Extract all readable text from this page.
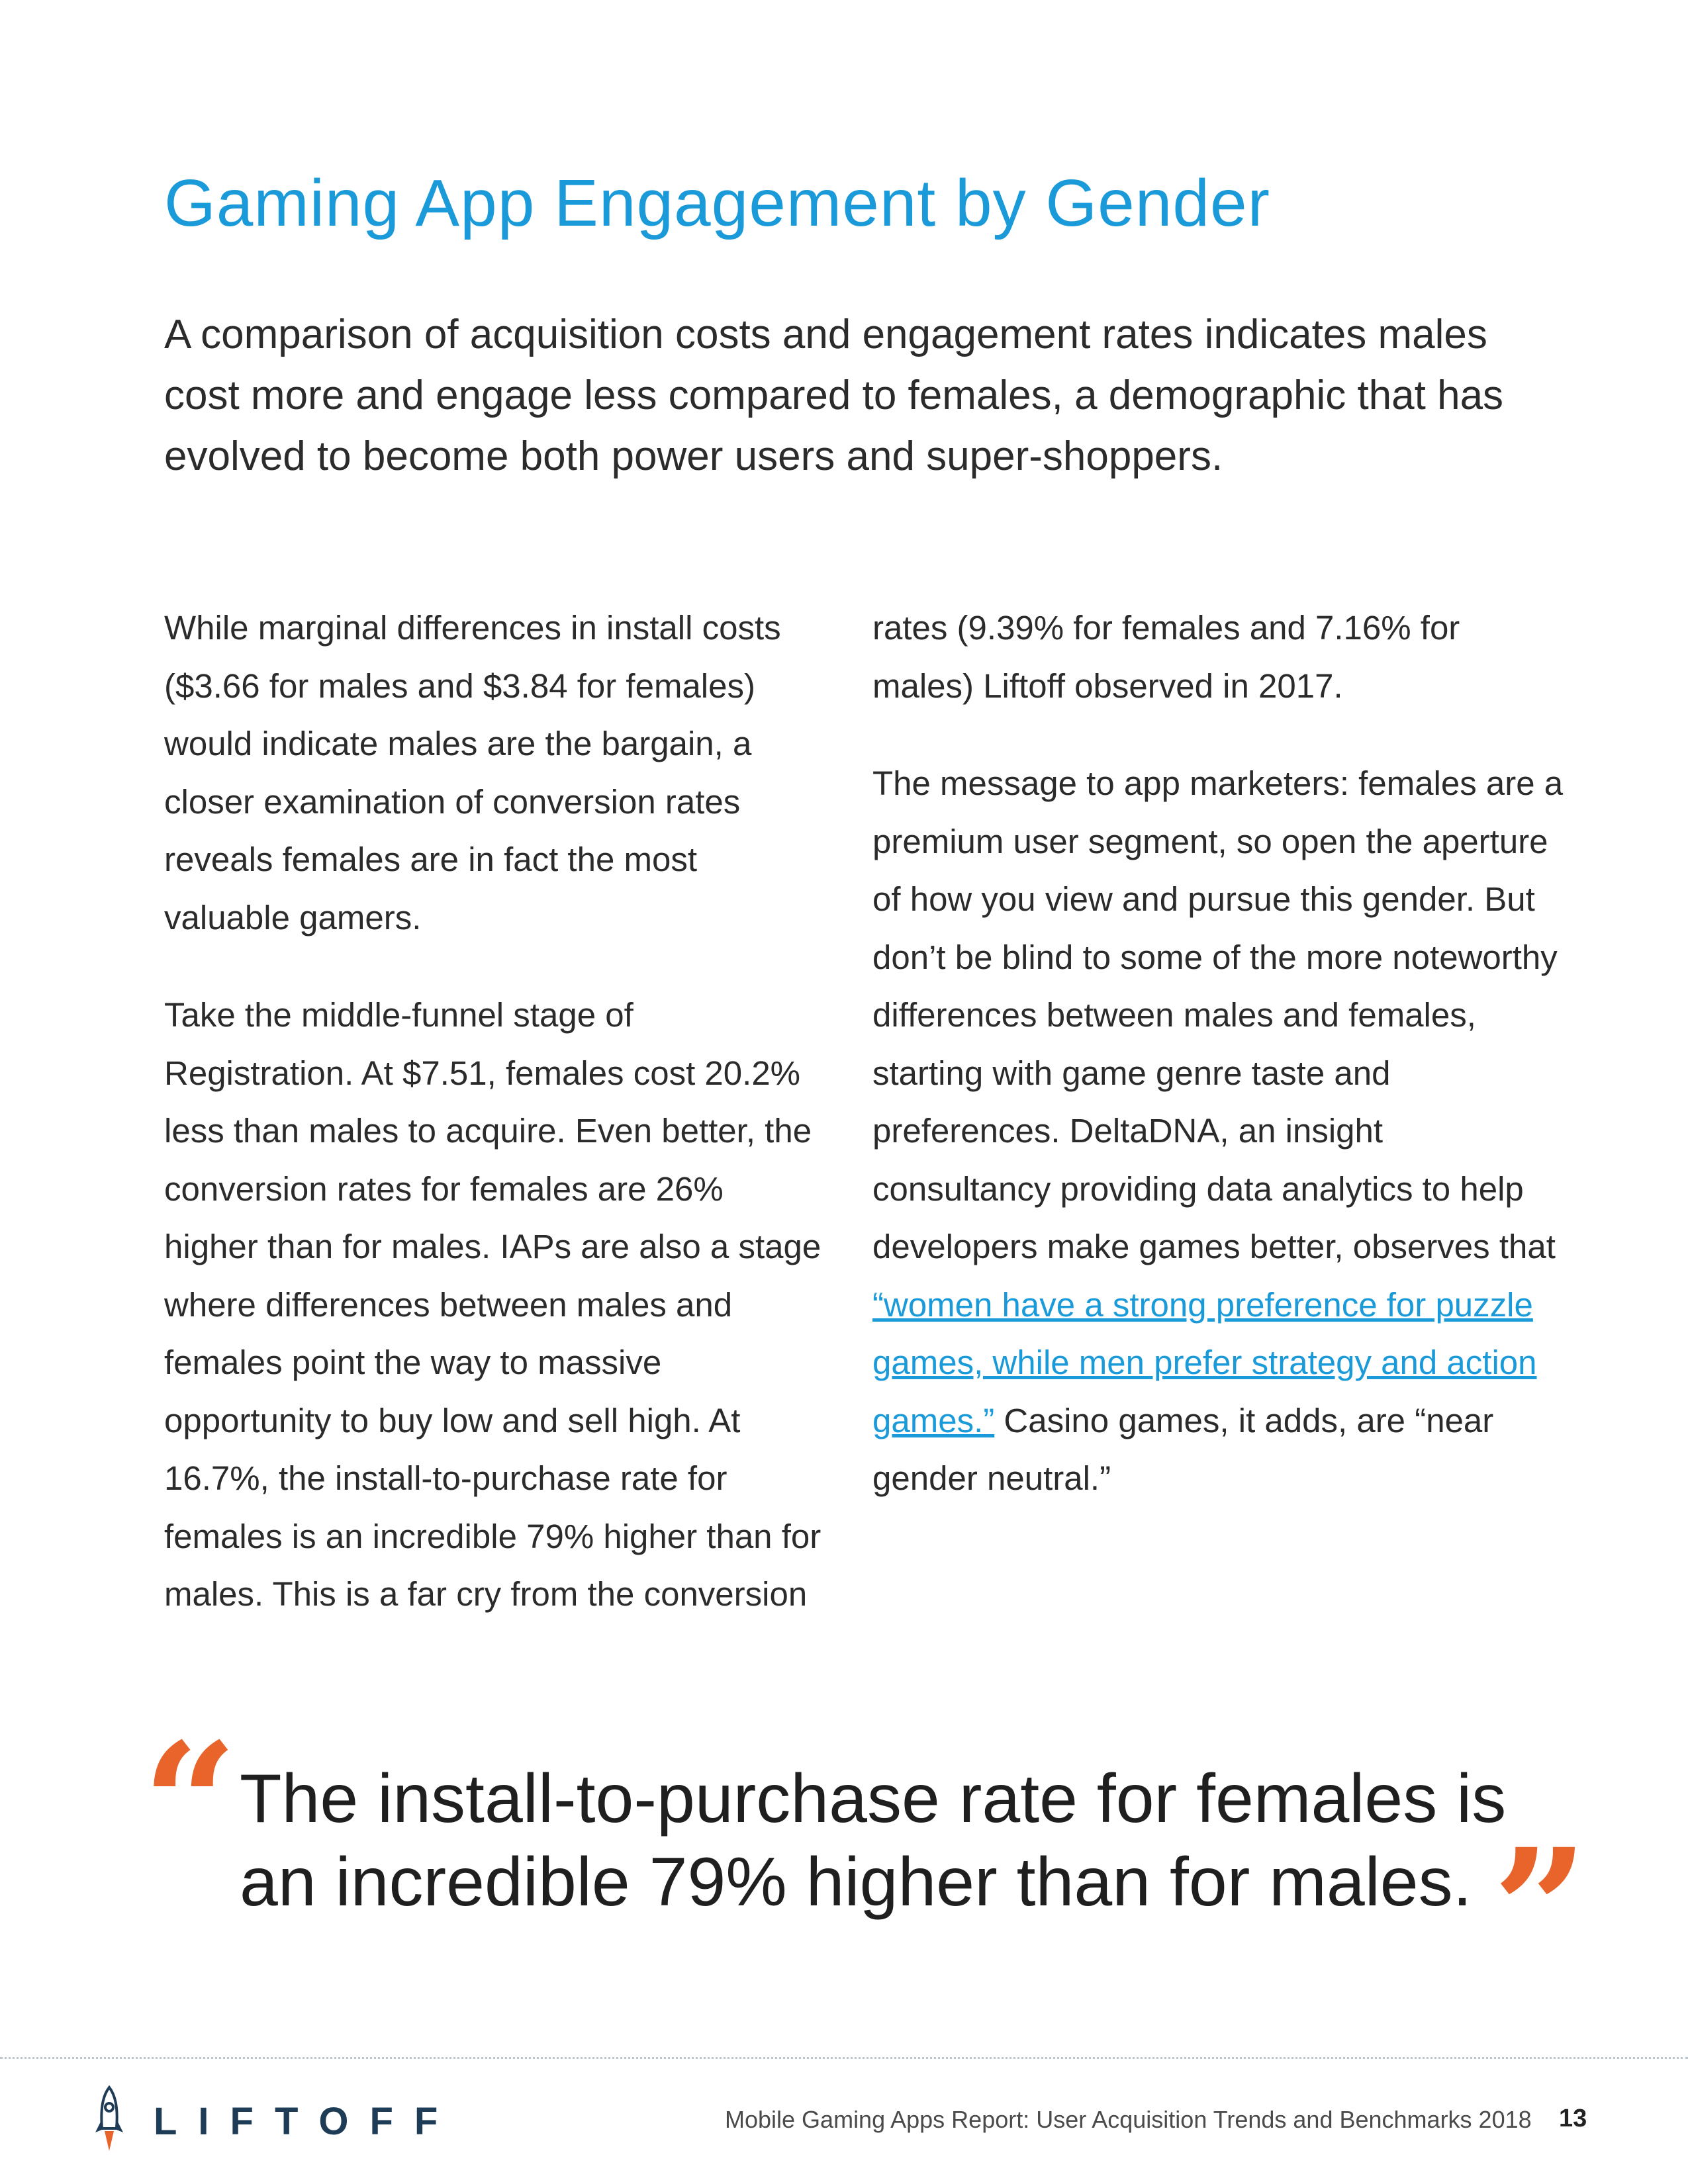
Gaming App Engagement by Gender

A comparison of acquisition costs and engagement rates indicates males cost more and engage less compared to females, a demographic that has evolved to become both power users and super-shoppers.

While marginal differences in install costs ($3.66 for males and $3.84 for females) would indicate males are the bargain, a closer examination of conversion rates reveals females are in fact the most valuable gamers.

Take the middle-funnel stage of Registration. At $7.51, females cost 20.2% less than males to acquire. Even better, the conversion rates for females are 26% higher than for males. IAPs are also a stage where differences between males and females point the way to massive opportunity to buy low and sell high. At 16.7%, the install-to-purchase rate for females is an incredible 79% higher than for males. This is a far cry from the conversion

rates (9.39% for females and 7.16% for males) Liftoff observed in 2017.

The message to app marketers: females are a premium user segment, so open the aperture of how you view and pursue this gender. But don’t be blind to some of the more noteworthy differences between males and females, starting with game genre taste and preferences. DeltaDNA, an insight consultancy providing data analytics to help developers make games better, observes that “women have a strong preference for puzzle games, while men prefer strategy and action games.” Casino games, it adds, are “near gender neutral.”

“ The install-to-purchase rate for females is an incredible 79% higher than for males. ”
LIFTOFF	Mobile Gaming Apps Report: User Acquisition Trends and Benchmarks 2018 13
